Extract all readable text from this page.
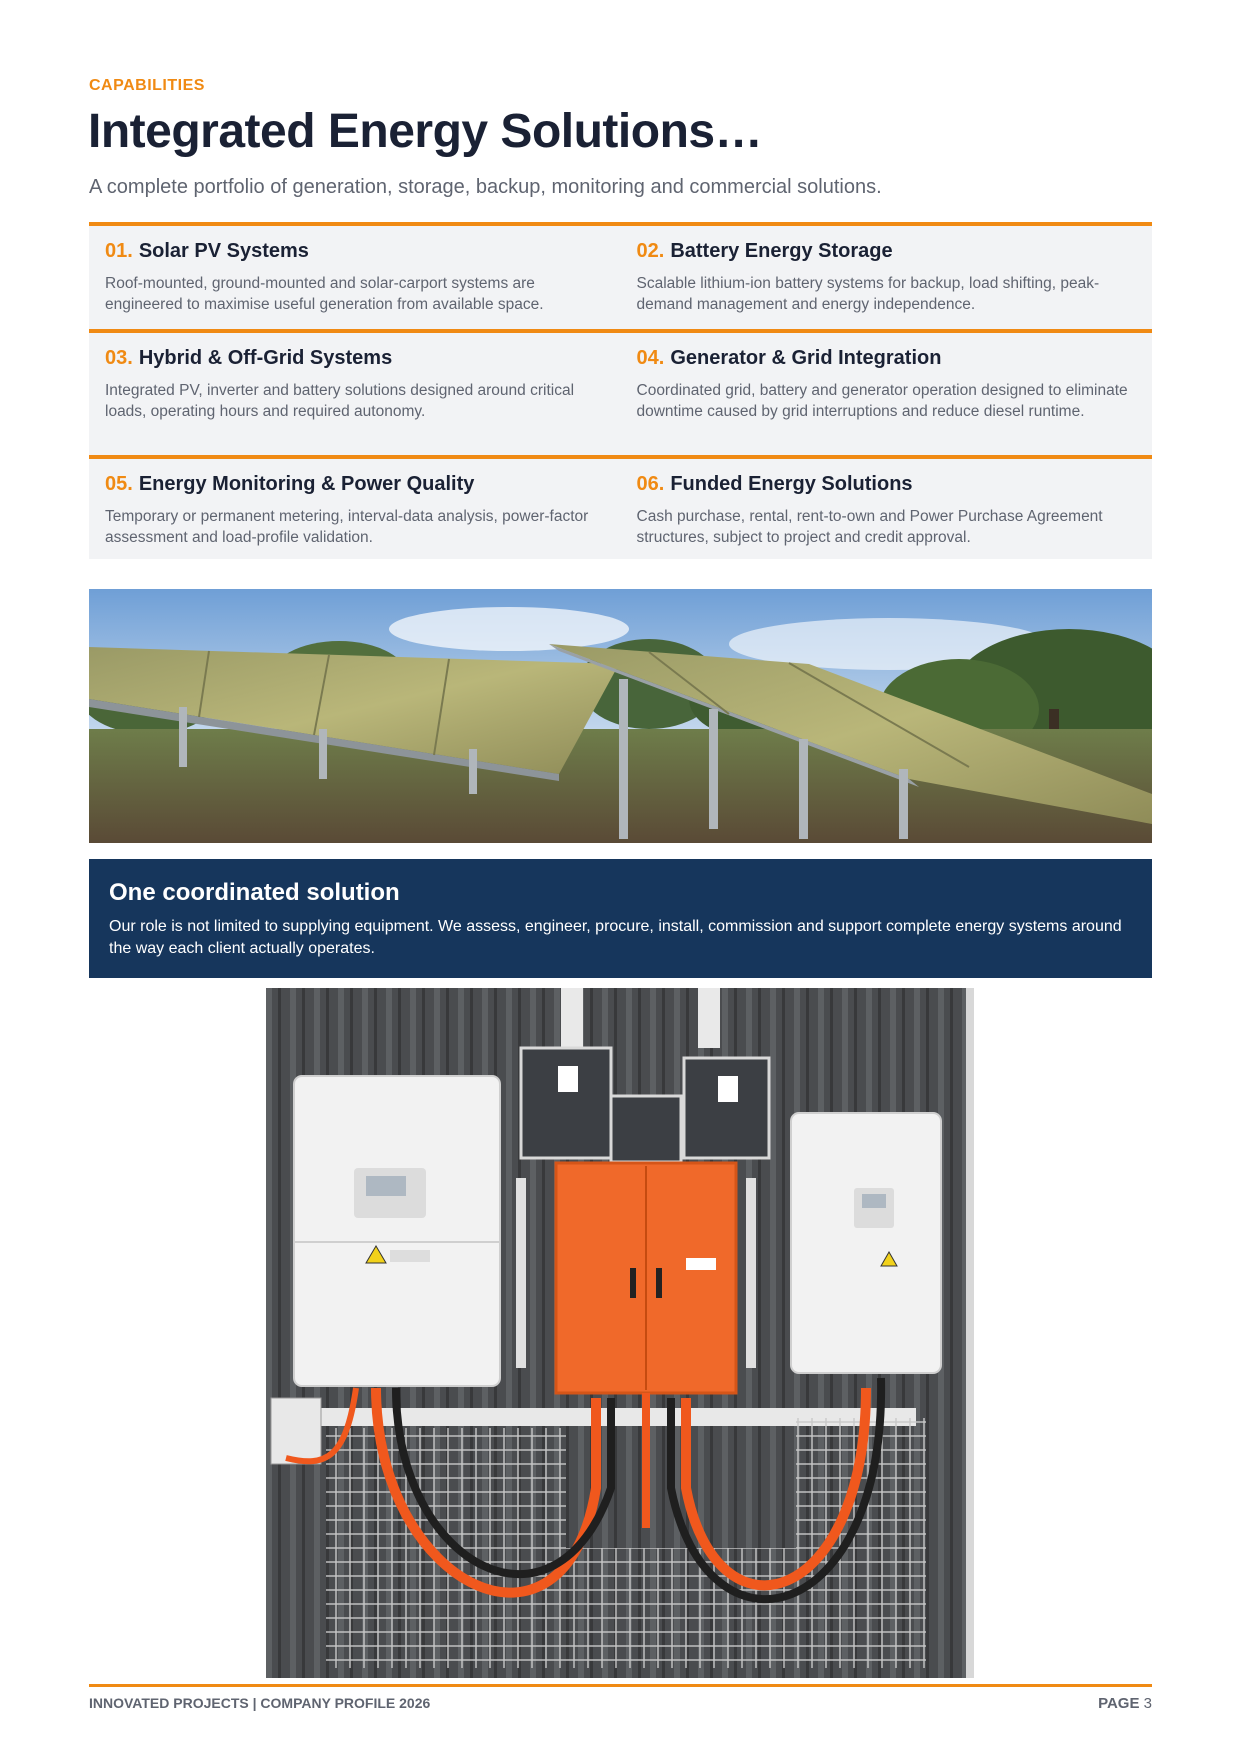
CAPABILITIES
Integrated Energy Solutions…
A complete portfolio of generation, storage, backup, monitoring and commercial solutions.
01. Solar PV Systems
Roof-mounted, ground-mounted and solar-carport systems are engineered to maximise useful generation from available space.
02. Battery Energy Storage
Scalable lithium-ion battery systems for backup, load shifting, peak-demand management and energy independence.
03. Hybrid & Off-Grid Systems
Integrated PV, inverter and battery solutions designed around critical loads, operating hours and required autonomy.
04. Generator & Grid Integration
Coordinated grid, battery and generator operation designed to eliminate downtime caused by grid interruptions and reduce diesel runtime.
05. Energy Monitoring & Power Quality
Temporary or permanent metering, interval-data analysis, power-factor assessment and load-profile validation.
06. Funded Energy Solutions
Cash purchase, rental, rent-to-own and Power Purchase Agreement structures, subject to project and credit approval.
One coordinated solution
Our role is not limited to supplying equipment. We assess, engineer, procure, install, commission and support complete energy systems around the way each client actually operates.
INNOVATED PROJECTS | COMPANY PROFILE 2026	PAGE 3
